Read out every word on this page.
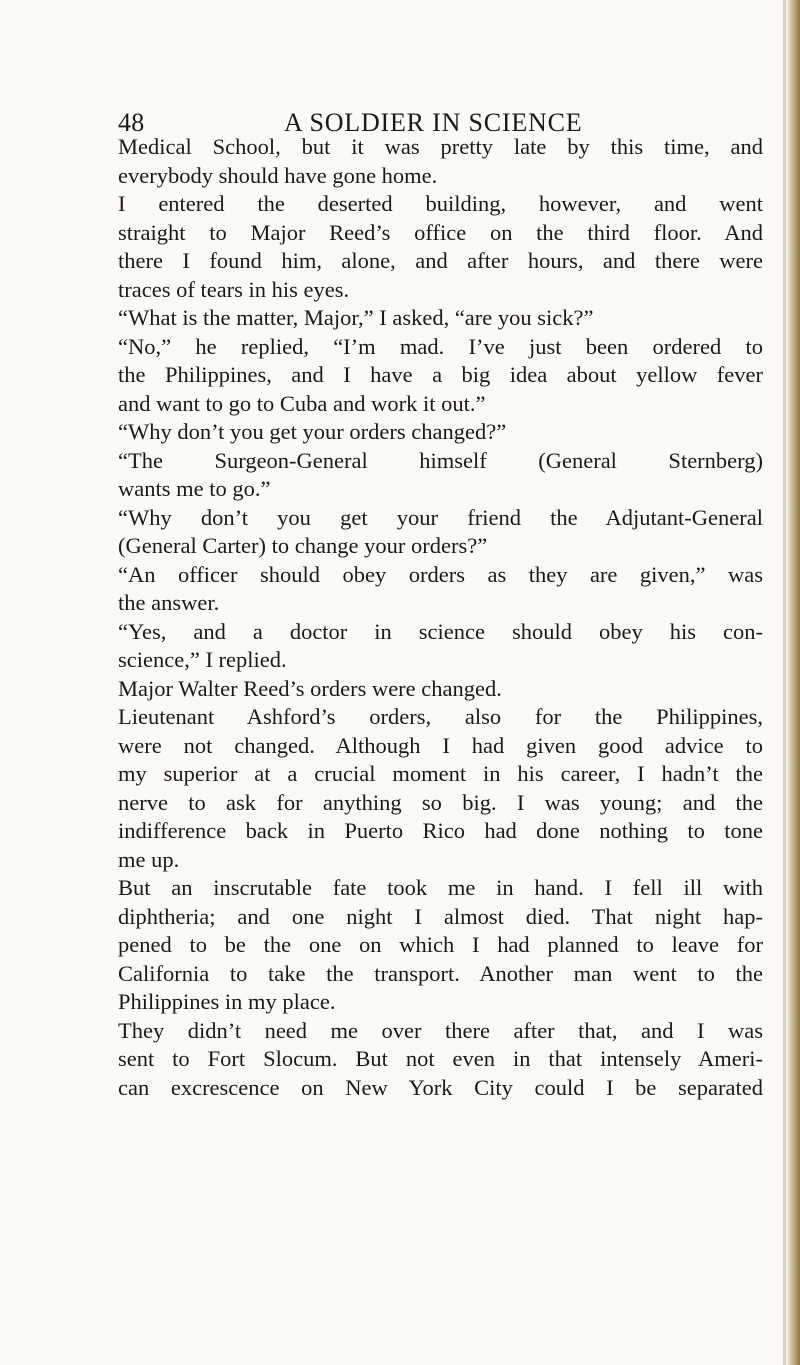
48	A SOLDIER IN SCIENCE
Medical School, but it was pretty late by this time, and
everybody should have gone home.
I entered the deserted building, however, and went
straight to Major Reed’s office on the third floor. And
there I found him, alone, and after hours, and there were
traces of tears in his eyes.
“What is the matter, Major,” I asked, “are you sick?”
“No,” he replied, “I’m mad. I’ve just been ordered to
the Philippines, and I have a big idea about yellow fever
and want to go to Cuba and work it out.”
“Why don’t you get your orders changed?”
“The Surgeon-General himself (General Sternberg)
wants me to go.”
“Why don’t you get your friend the Adjutant-General
(General Carter) to change your orders?”
“An officer should obey orders as they are given,” was
the answer.
“Yes, and a doctor in science should obey his con-
science,” I replied.
Major Walter Reed’s orders were changed.
Lieutenant Ashford’s orders, also for the Philippines,
were not changed. Although I had given good advice to
my superior at a crucial moment in his career, I hadn’t the
nerve to ask for anything so big. I was young; and the
indifference back in Puerto Rico had done nothing to tone
me up.
But an inscrutable fate took me in hand. I fell ill with
diphtheria; and one night I almost died. That night hap-
pened to be the one on which I had planned to leave for
California to take the transport. Another man went to the
Philippines in my place.
They didn’t need me over there after that, and I was
sent to Fort Slocum. But not even in that intensely Ameri-
can excrescence on New York City could I be separated
